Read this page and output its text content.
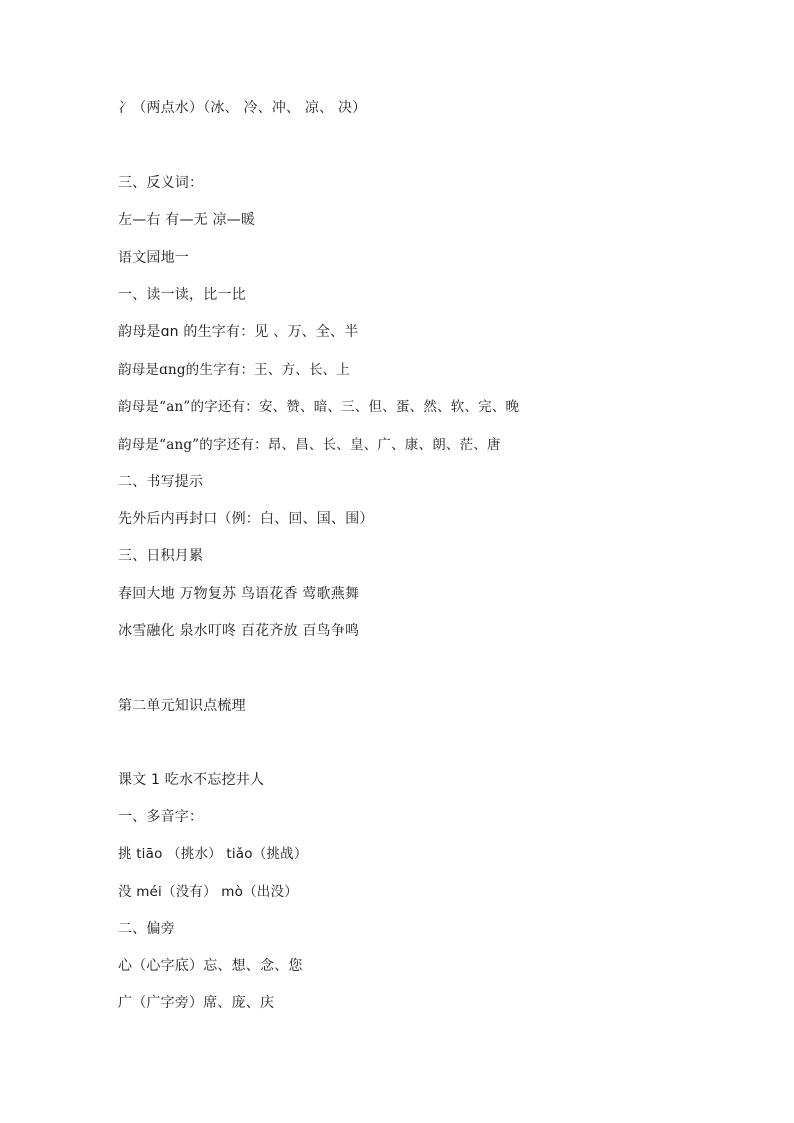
冫（两点水）（冰、 冷、冲、 凉、 决）
三、反义词：
左—右 有—无 凉—暖
语文园地一
一、读一读，比一比
韵母是ɑn 的生字有：见 、万、全、半
韵母是ɑng的生字有：王、方、长、上
韵母是“an”的字还有：安、赞、暗、三、但、蛋、然、软、完、晚
韵母是“ang”的字还有：昂、昌、长、皇、广、康、朗、茫、唐
二、书写提示
先外后内再封口（例：白、回、国、围）
三、日积月累
春回大地 万物复苏 鸟语花香 莺歌燕舞
冰雪融化 泉水叮咚 百花齐放 百鸟争鸣
第二单元知识点梳理
课文 1 吃水不忘挖井人
一、多音字：
挑 tiāo （挑水） tiǎo（挑战）
没 méi（没有） mò（出没）
二、偏旁
心（心字底）忘、想、念、您
广（广字旁）席、庞、庆
